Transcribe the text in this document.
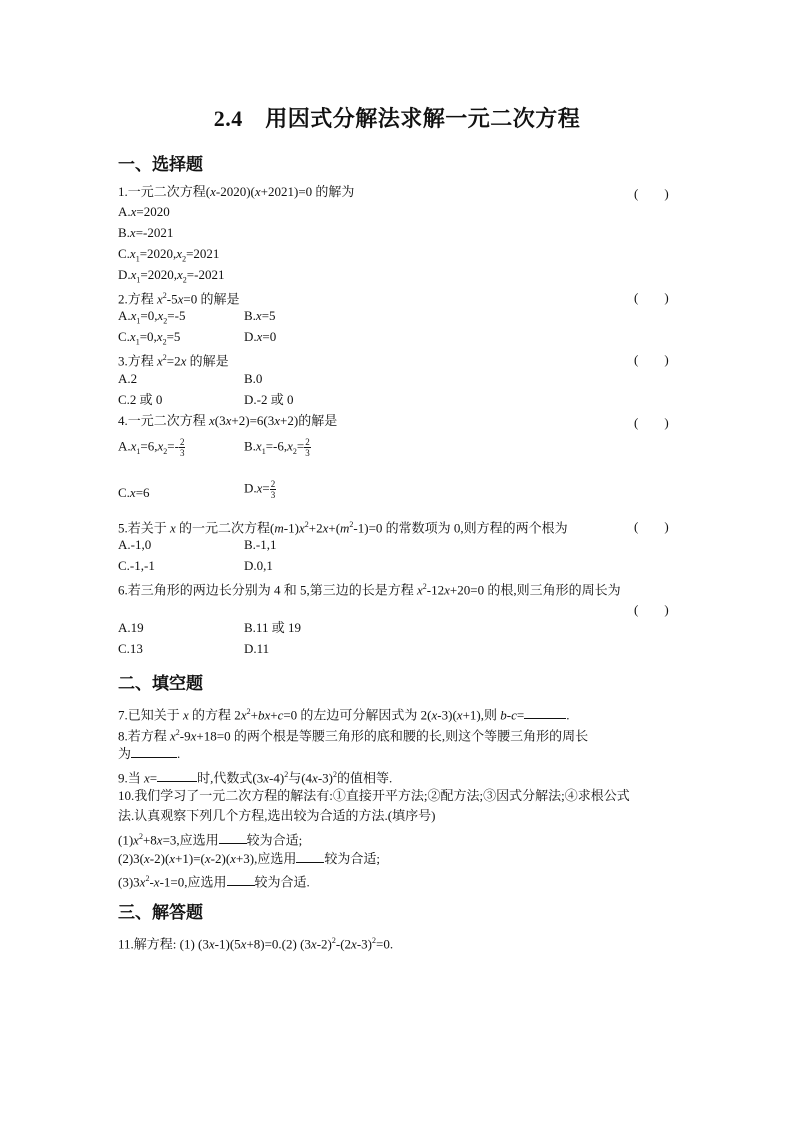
2.4　用因式分解法求解一元二次方程
一、选择题
1.一元二次方程(x-2020)(x+2021)=0 的解为	(　　)
A.x=2020
B.x=-2021
$C.x_1=2020,x_2=2021$
$D.x_1=2020,x_2=-2021$
2.方程 $x^2-5x=0$ 的解是	(　　)
$A.x_1=0,x_2=-5$	B.x=5
$C.x_1=0,x_2=5$	D.x=0
3.方程 $x^2=2x$ 的解是	(　　)
A.2	B.0
C.2 或 0	D.-2 或 0
4.一元二次方程 x(3x+2)=6(3x+2)的解是	(　　)
$A.x_1=6,x_2=- \frac{2}{3}$	$B.x_1=-6,x_2= \frac{2}{3}$
C.x=6	$D.x= \frac{2}{3}$
5.若关于 x 的一元二次方程$(m-1)x^2+2x+(m^2-1)=0$ 的常数项为 0,则方程的两个根为	(　　)
A.-1,0	B.-1,1
C.-1,-1	D.0,1
6.若三角形的两边长分别为 4 和 5,第三边的长是方程 $x^2-12x+20=0$ 的根,则三角形的周长为
(　　)
A.19	B.11 或 19
C.13	D.11
二、填空题
7.已知关于 x 的方程 $2x^2+bx+c=0$ 的左边可分解因式为 2(x-3)(x+1),则 b-c=	.
8.若方程 $x^2-9x+18=0$ 的两个根是等腰三角形的底和腰的长,则这个等腰三角形的周长
为	.
9.当 x=	时,代数式$(3x-4)^2$与$(4x-3)^2$的值相等.
10.我们学习了一元二次方程的解法有:①直接开平方法;②配方法;③因式分解法;④求根公式
法.认真观察下列几个方程,选出较为合适的方法.(填序号)
$(1)x^2+8x=3$,应选用 较为合适;
(2)3(x-2)(x+1)=(x-2)(x+3),应选用 较为合适;
$(3)3x^2-x-1=0$,应选用 较为合适.
三、解答题
11.解方程: (1) (3x-1)(5x+8)=0.(2) $(3x-2)^2-(2x-3)^2=0$.
